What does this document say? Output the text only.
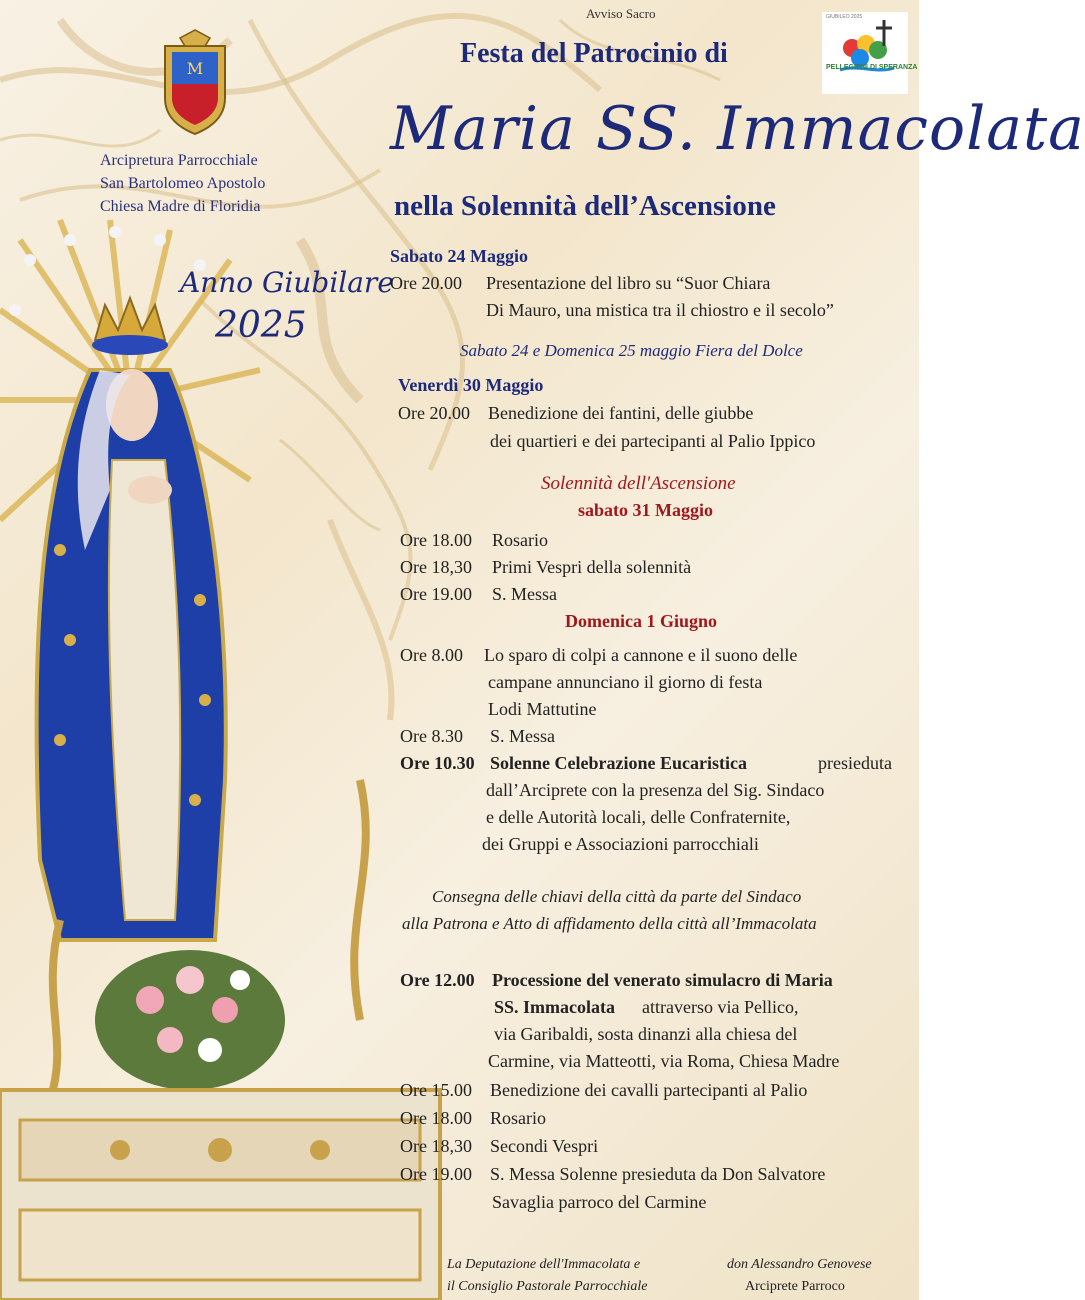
M	PELLEGRINI DI SPERANZA
GIUBILEO 2025
Avviso Sacro
Festa del Patrocinio di
Maria SS. Immacolata
nella Solennità dell’Ascensione
Arcipretura Parrocchiale
San Bartolomeo Apostolo
Chiesa Madre di Floridia
Anno Giubilare
2025
Sabato 24 Maggio
Ore 20.00 Presentazione del libro su “Suor Chiara
Di Mauro, una mistica tra il chiostro e il secolo”
Sabato 24 e Domenica 25 maggio Fiera del Dolce
Venerdì 30 Maggio
Ore 20.00 Benedizione dei fantini, delle giubbe
dei quartieri e dei partecipanti al Palio Ippico
Solennità dell'Ascensione
sabato 31 Maggio
Ore 18.00 Rosario
Ore 18,30 Primi Vespri della solennità
Ore 19.00 S. Messa
Domenica 1 Giugno
Ore 8.00 Lo sparo di colpi a cannone e il suono delle
campane annunciano il giorno di festa
Lodi Mattutine
Ore 8.30 S. Messa
Ore 10.30 Solenne Celebrazione Eucaristica	presieduta
dall’Arciprete con la presenza del Sig. Sindaco
e delle Autorità locali, delle Confraternite,
dei Gruppi e Associazioni parrocchiali
Consegna delle chiavi della città da parte del Sindaco
alla Patrona e Atto di affidamento della città all’Immacolata
Ore 12.00 Processione del venerato simulacro di Maria
SS. Immacolata attraverso via Pellico,
via Garibaldi, sosta dinanzi alla chiesa del
Carmine, via Matteotti, via Roma, Chiesa Madre
Ore 15.00 Benedizione dei cavalli partecipanti al Palio
Ore 18.00 Rosario
Ore 18,30 Secondi Vespri
Ore 19.00 S. Messa Solenne presieduta da Don Salvatore
Savaglia parroco del Carmine
La Deputazione dell'Immacolata e
il Consiglio Pastorale Parrocchiale
don Alessandro Genovese
Arciprete Parroco
